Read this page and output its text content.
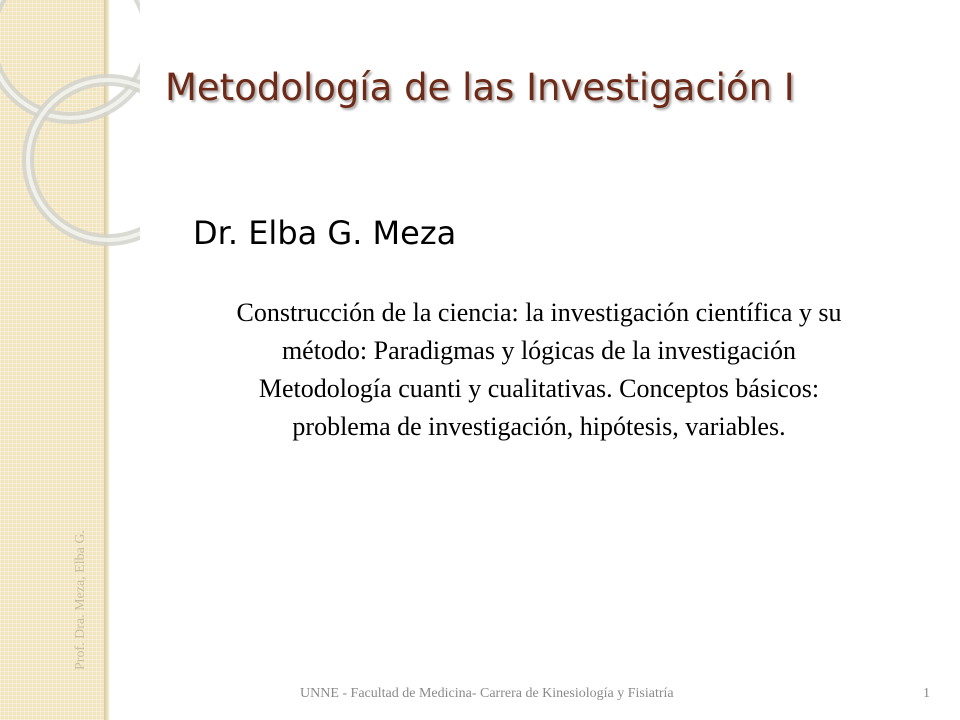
Prof. Dra. Meza, Elba G.
Metodología de las Investigación I
Dr. Elba G. Meza
Construcción de la ciencia: la investigación científica y su
método: Paradigmas y lógicas de la investigación
Metodología cuanti y cualitativas. Conceptos básicos:
problema de investigación, hipótesis, variables.
UNNE - Facultad de Medicina- Carrera de Kinesiología y Fisiatría	1
